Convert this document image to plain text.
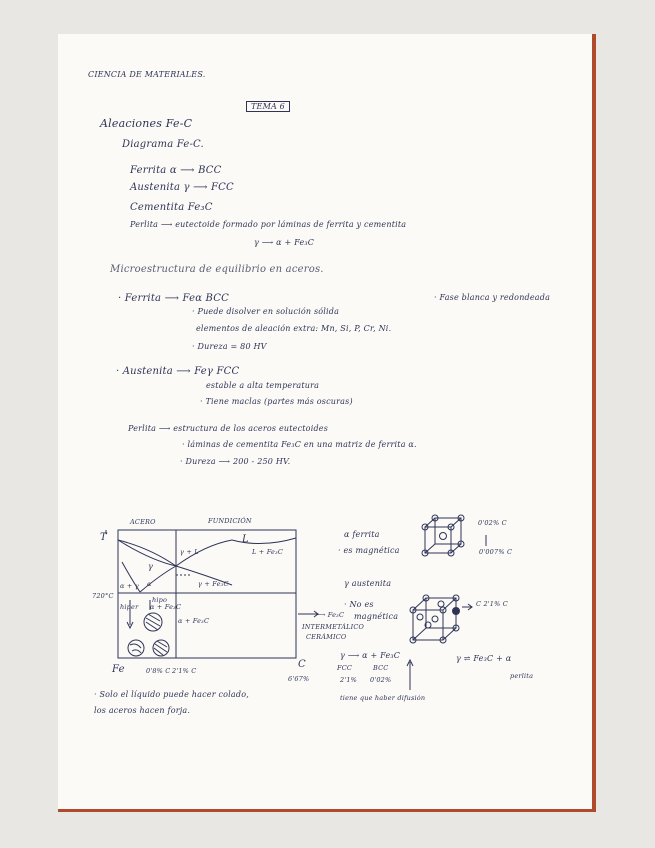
CIENCIA DE MATERIALES.
TEMA 6
Aleaciones Fe-C
Diagrama Fe-C.
Ferrita α ⟶ BCC
Austenita γ ⟶ FCC
Cementita Fe₃C
Perlita ⟶ eutectoide formado por láminas de ferrita y cementita
γ ⟶ α + Fe₃C
Microestructura de equilibrio en aceros.
· Ferrita ⟶ Feα BCC	· Fase blanca y redondeada
· Puede disolver en solución sólida
elementos de aleación extra: Mn, Si, P, Cr, Ni.
· Dureza = 80 HV
· Austenita ⟶ Feγ FCC
estable a alta temperatura
· Tiene maclas (partes más oscuras)
Perlita ⟶ estructura de los aceros eutectoides
· láminas de cementita Fe₃C en una matriz de ferrita α.
· Dureza ⟶ 200 - 250 HV.
T
ACERO	FUNDICIÓN
L
γ + L	L + Fe₃C
γ
α + γ α	γ + Fe₃C
720°C	hipo
hiper α + Fe₃C
α + Fe₃C
Fe	0'8% C 2'1% C
C
6'67%
α ferrita
· es magnética
0'02% C
0'007% C
γ austenita
· No es
magnética
C 2'1% C
⟶ Fe₃C
INTERMETÁLICO
CERÁMICO
γ ⟶ α + Fe₃C
FCC	BCC
2'1% 0'02%
γ ⇌ Fe₃C + α
perlita
tiene que haber difusión
· Solo el líquido puede hacer colado,
los aceros hacen forja.
